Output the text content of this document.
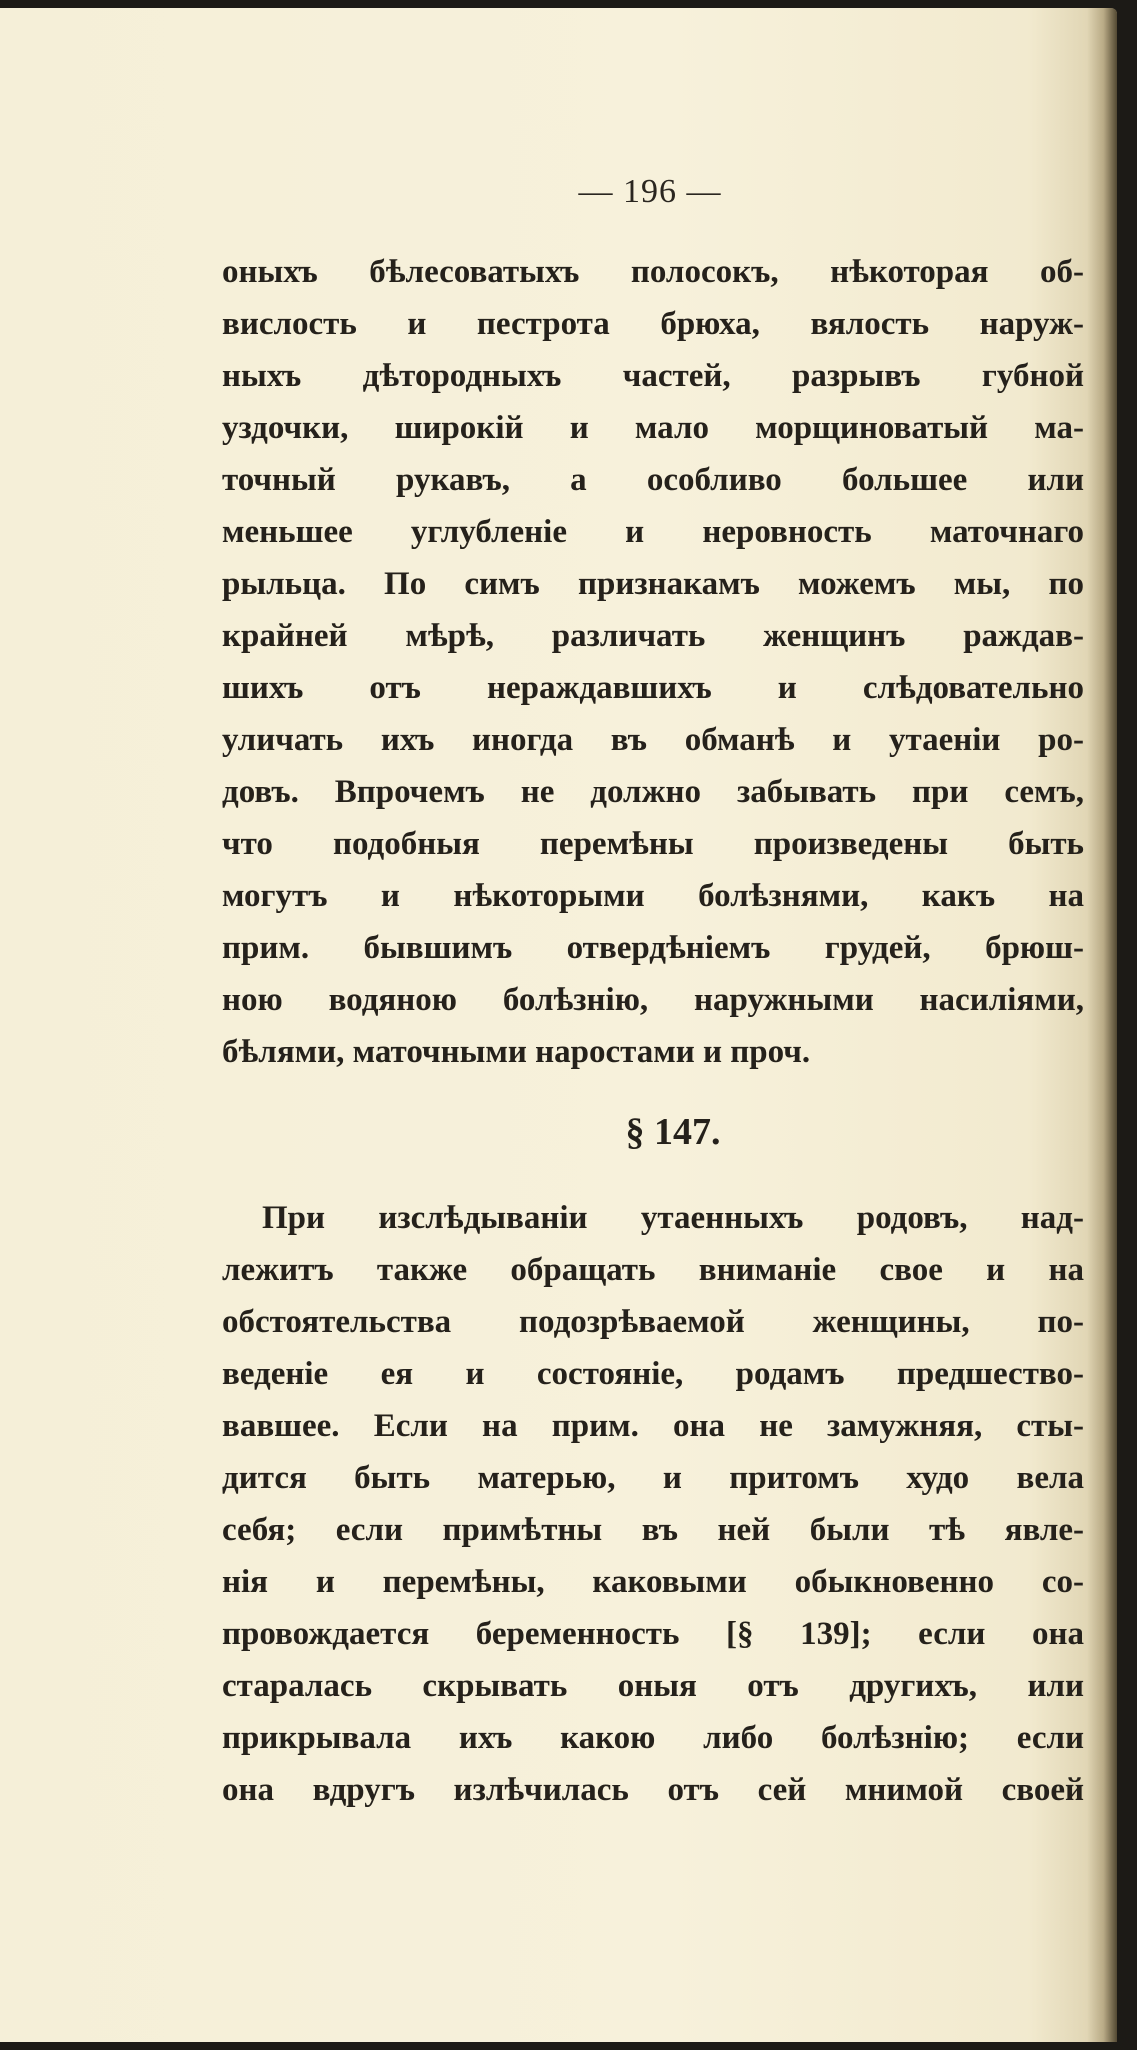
— 196 —
оныхъ бѣлесоватыхъ полосокъ, нѣкоторая об-
вислость и пестрота брюха, вялость наруж-
ныхъ дѣтородныхъ частей, разрывъ губной
уздочки, широкій и мало морщиноватый ма-
точный рукавъ, а особливо большее или
меньшее углубленіе и неровность маточнаго
рыльца. По симъ признакамъ можемъ мы, по
крайней мѣрѣ, различать женщинъ раждав-
шихъ отъ нераждавшихъ и слѣдовательно
уличать ихъ иногда въ обманѣ и утаеніи ро-
довъ. Впрочемъ не должно забывать при семъ,
что подобныя перемѣны произведены быть
могутъ и нѣкоторыми болѣзнями, какъ на
прим. бывшимъ отвердѣніемъ грудей, брюш-
ною водяною болѣзнію, наружными насиліями,
бѣлями, маточными наростами и проч.
§ 147.
При изслѣдываніи утаенныхъ родовъ, над-
лежитъ также обращать вниманіе свое и на
обстоятельства подозрѣваемой женщины, по-
веденіе ея и состояніе, родамъ предшество-
вавшее. Если на прим. она не замужняя, сты-
дится быть матерью, и притомъ худо вела
себя; если примѣтны въ ней были тѣ явле-
нія и перемѣны, каковыми обыкновенно со-
провождается беременность [§ 139]; если она
старалась скрывать оныя отъ другихъ, или
прикрывала ихъ какою либо болѣзнію; если
она вдругъ излѣчилась отъ сей мнимой своей
